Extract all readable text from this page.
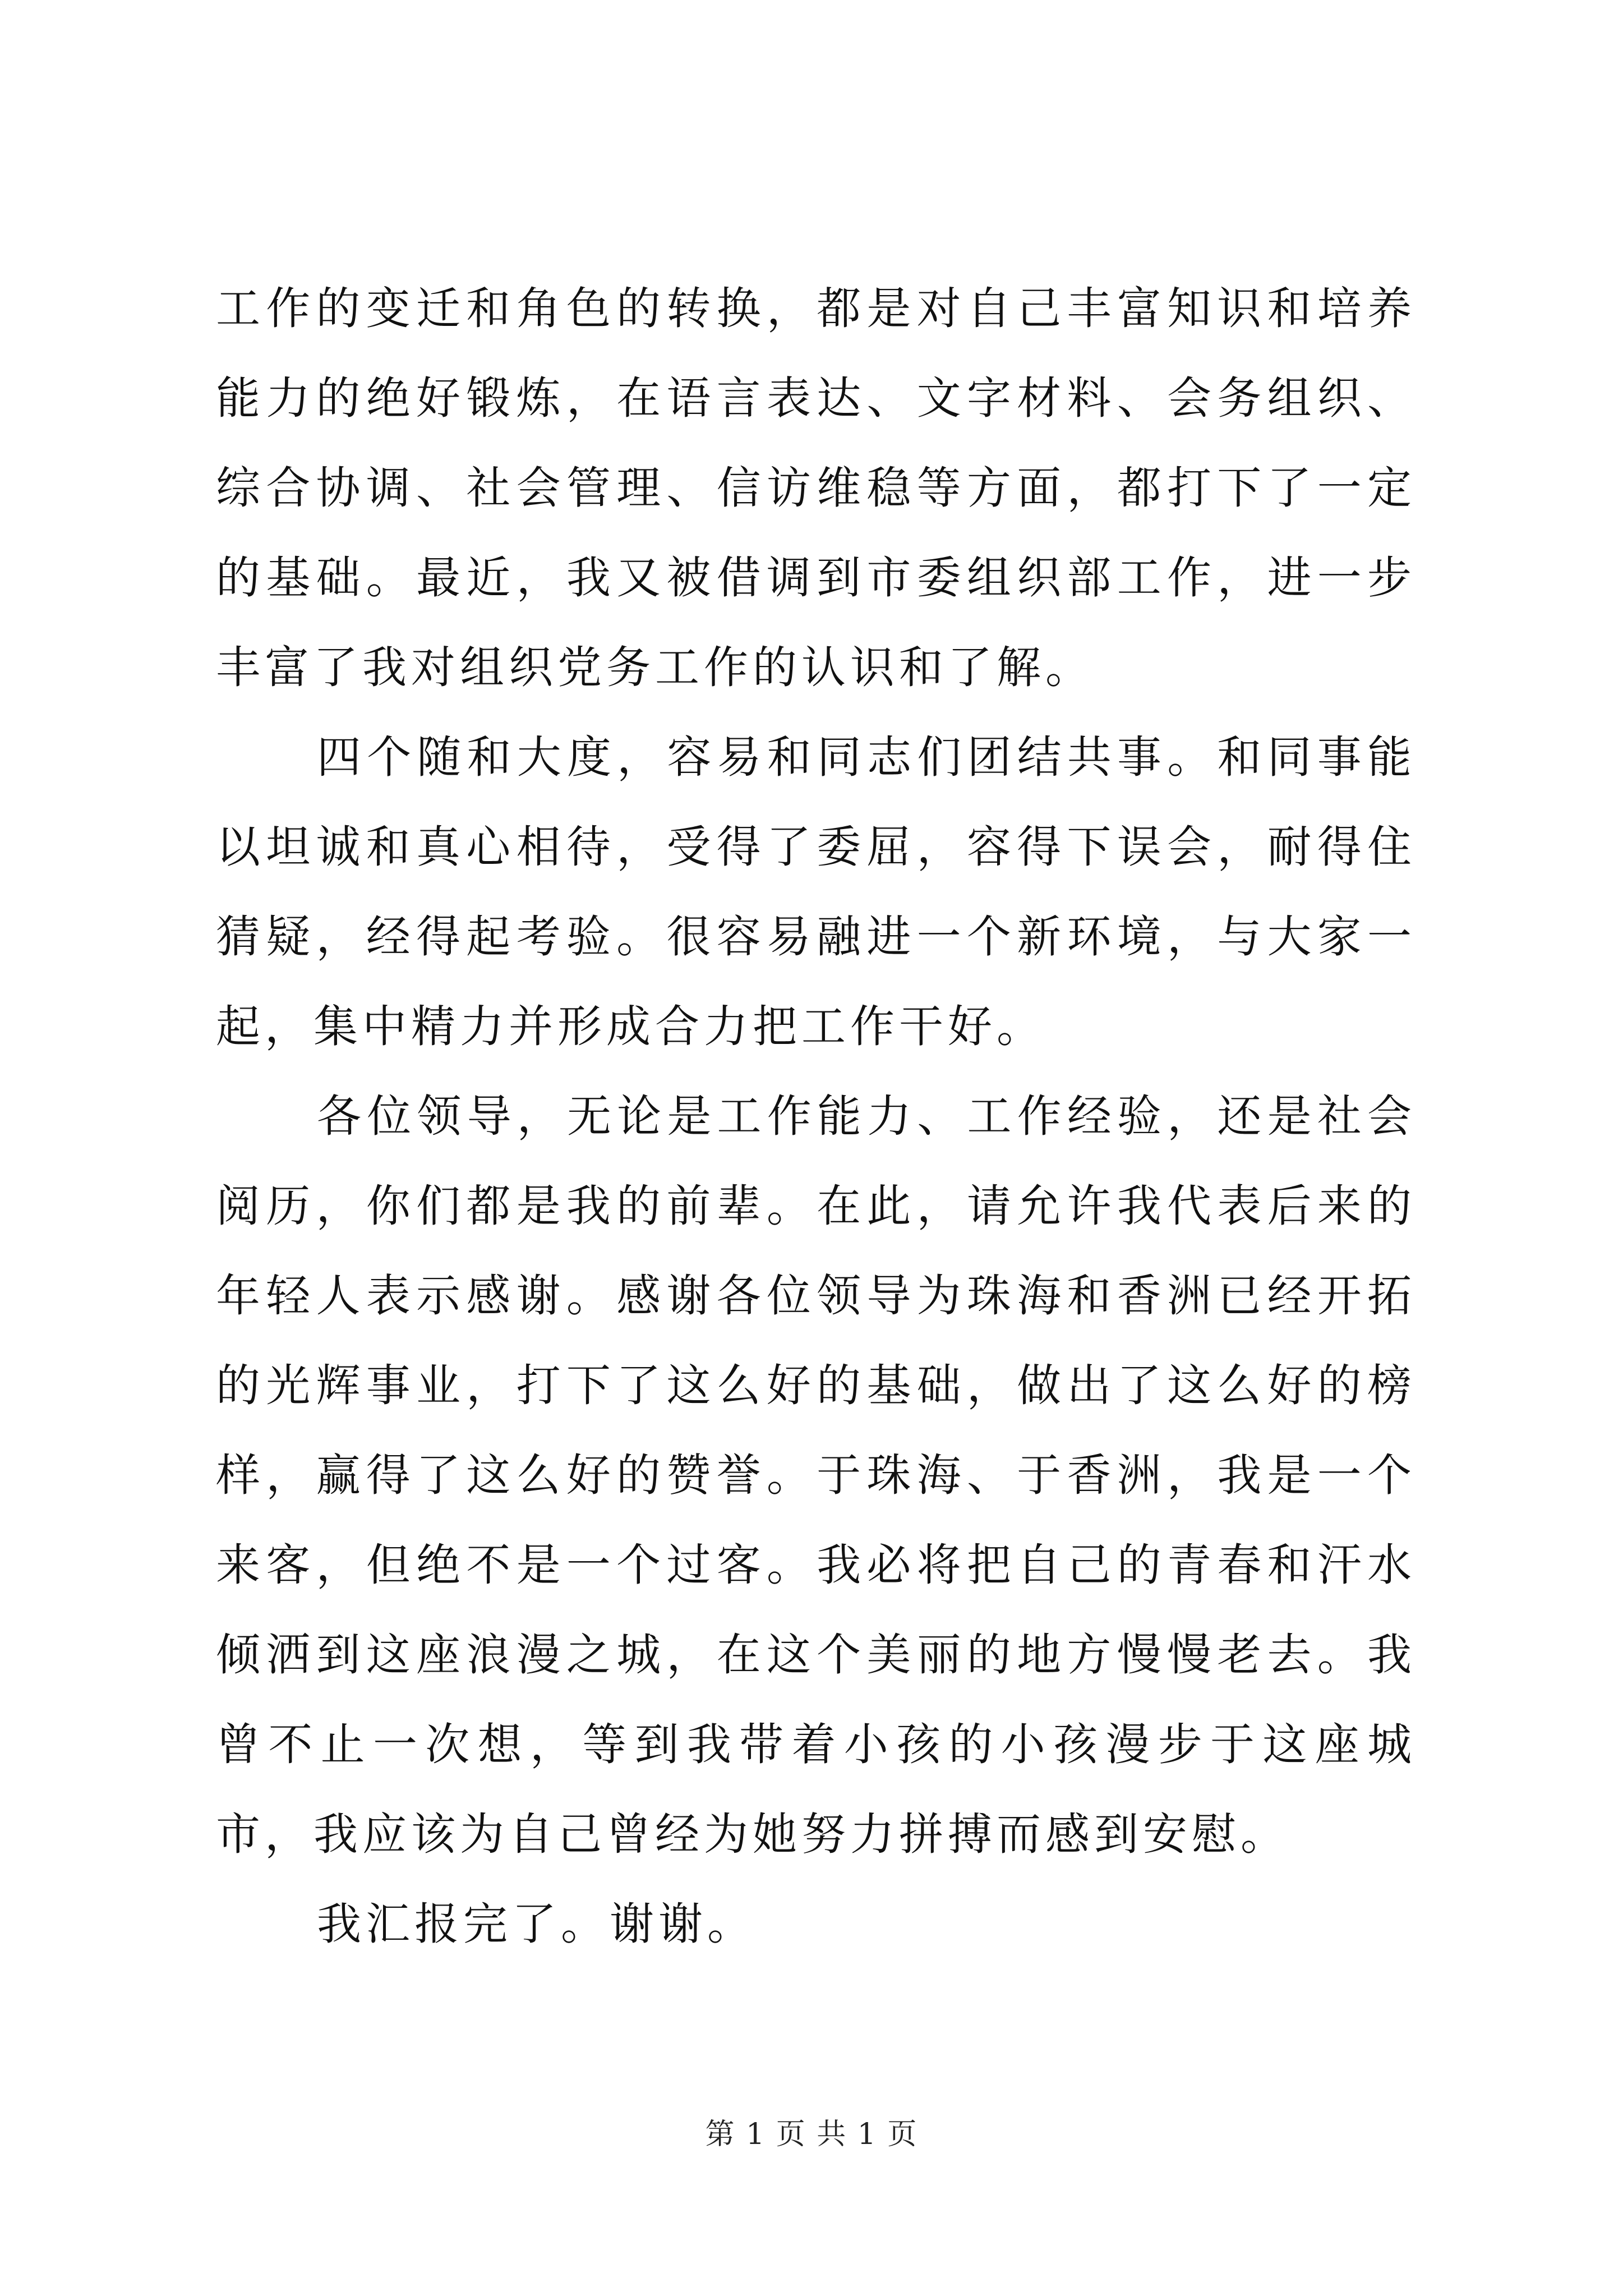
工作的变迁和角色的转换，都是对自己丰富知识和培养能力的绝好锻炼，在语言表达、文字材料、会务组织、综合协调、社会管理、信访维稳等方面，都打下了一定的基础。最近，我又被借调到市委组织部工作，进一步丰富了我对组织党务工作的认识和了解。

四个随和大度，容易和同志们团结共事。和同事能以坦诚和真心相待，受得了委屈，容得下误会，耐得住猜疑，经得起考验。很容易融进一个新环境，与大家一起，集中精力并形成合力把工作干好。

各位领导，无论是工作能力、工作经验，还是社会阅历，你们都是我的前辈。在此，请允许我代表后来的年轻人表示感谢。感谢各位领导为珠海和香洲已经开拓的光辉事业，打下了这么好的基础，做出了这么好的榜样，赢得了这么好的赞誉。于珠海、于香洲，我是一个来客，但绝不是一个过客。我必将把自己的青春和汗水倾洒到这座浪漫之城，在这个美丽的地方慢慢老去。我曾不止一次想，等到我带着小孩的小孩漫步于这座城市，我应该为自己曾经为她努力拼搏而感到安慰。

我汇报完了。谢谢。

第 1 页 共 1 页
